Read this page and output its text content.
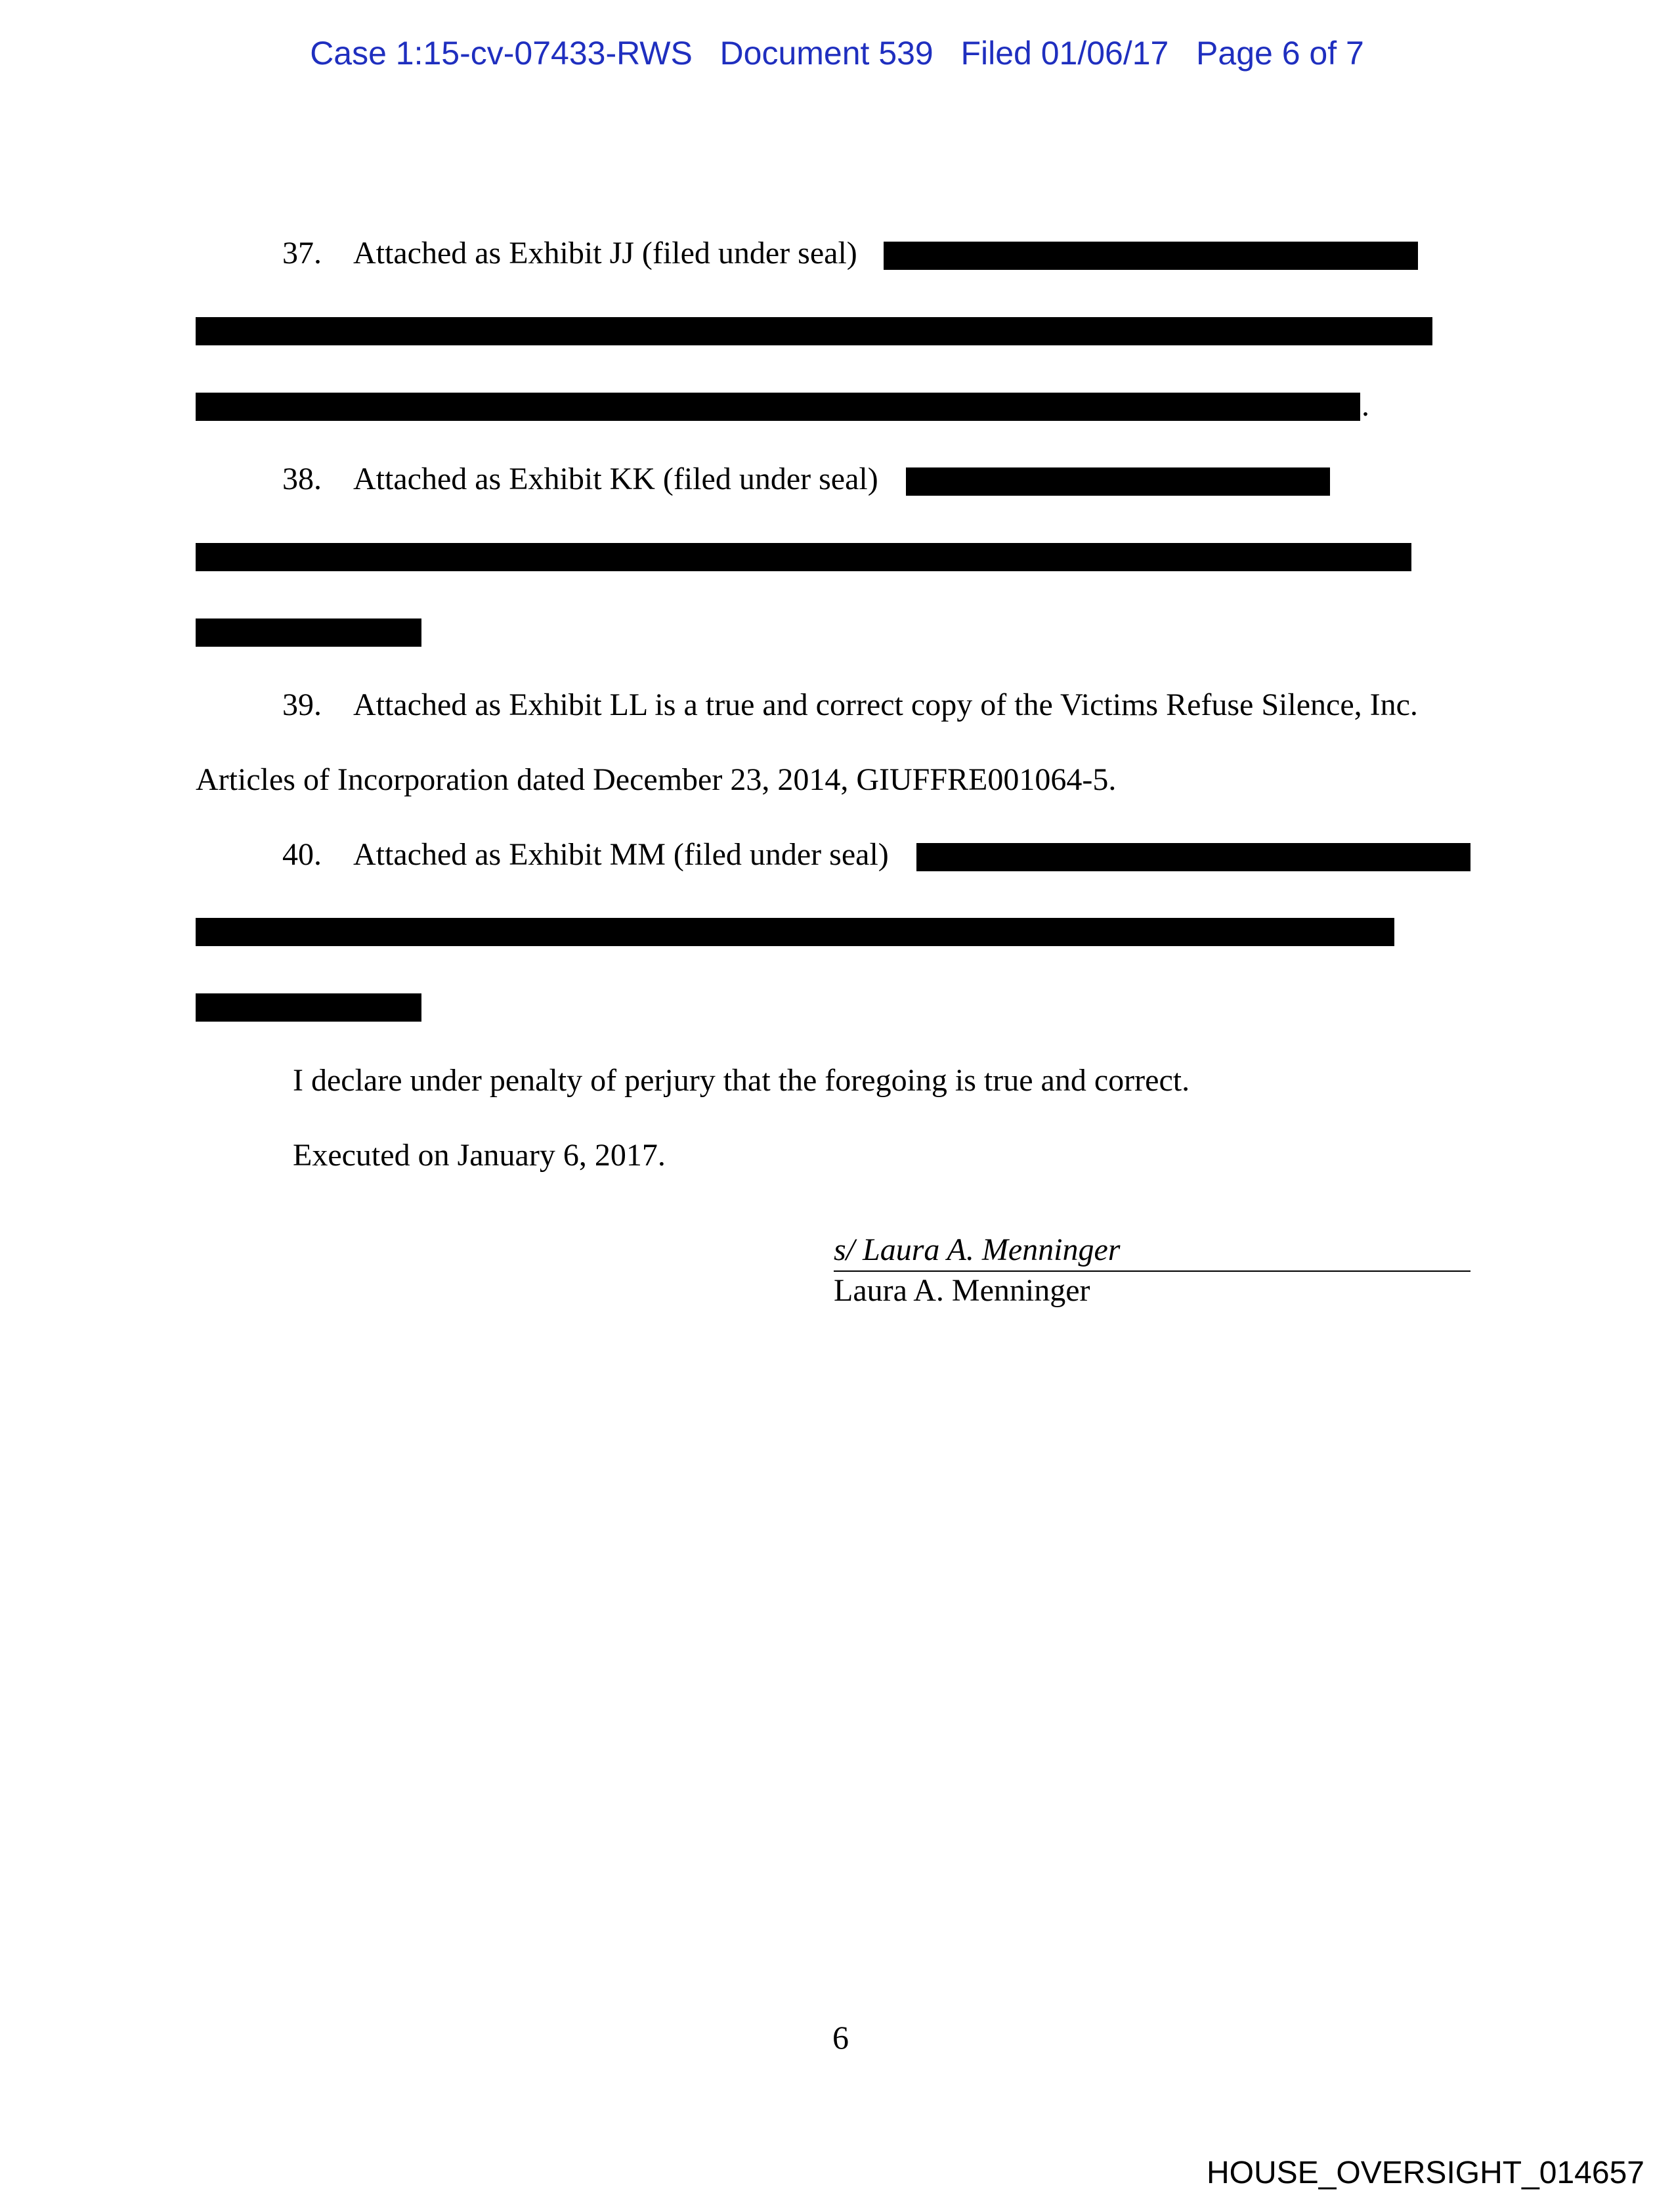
Case 1:15-cv-07433-RWS Document 539 Filed 01/06/17 Page 6 of 7
37. Attached as Exhibit JJ (filed under seal)
.
38. Attached as Exhibit KK (filed under seal)
39. Attached as Exhibit LL is a true and correct copy of the Victims Refuse Silence, Inc.
Articles of Incorporation dated December 23, 2014, GIUFFRE001064-5.
40. Attached as Exhibit MM (filed under seal)
I declare under penalty of perjury that the foregoing is true and correct.
Executed on January 6, 2017.
s/ Laura A. Menninger
Laura A. Menninger
6
HOUSE_OVERSIGHT_014657
